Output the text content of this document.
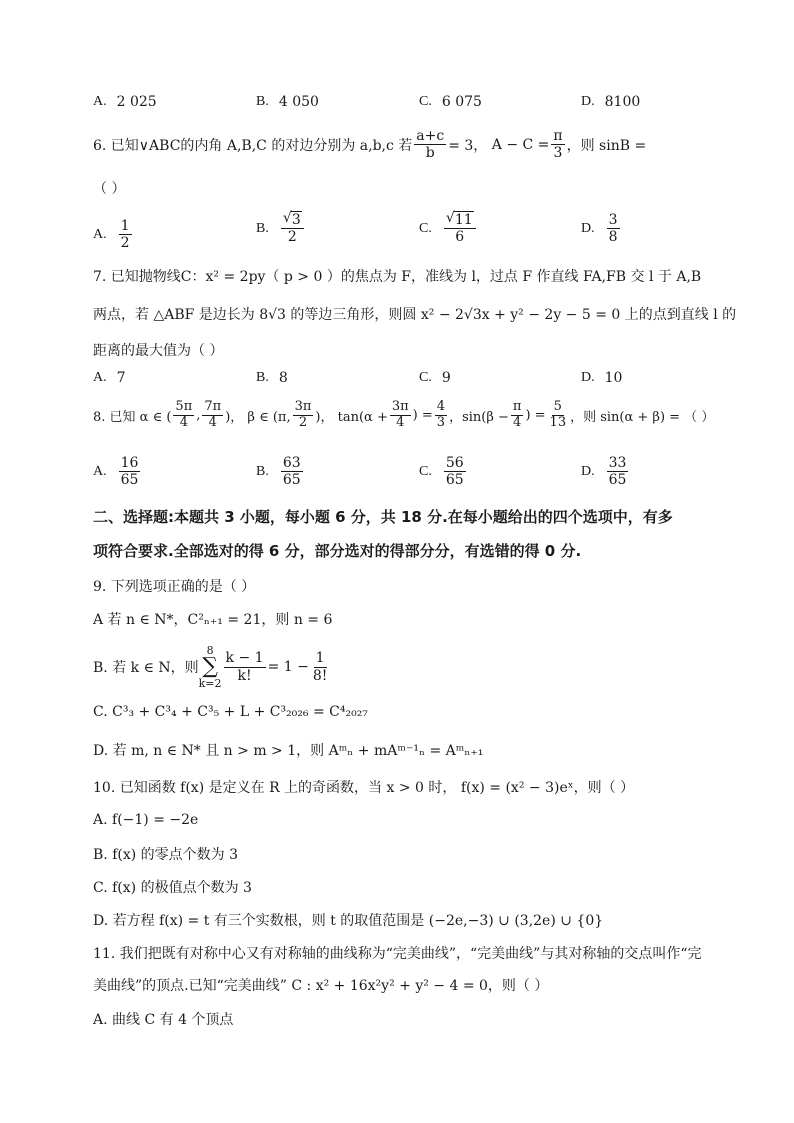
A. 2 025	B. 4 050	C. 6 075	D. 8100
6. 已知∨ABC的内角 A,B,C 的对边分别为 a,b,c 若 $\frac{a+c}{b} = 3$，
$A - C = \frac{\pi}{3}$ ，则 sinB =
（ ）
A. $\frac{1}{2}$	B. $\frac{√ 3}{2}$	C. $\frac{√ 11}{6}$	D. $\frac{3}{8}$
7. 已知抛物线C：x² = 2py（ p > 0 ）的焦点为 F，准线为 l，过点 F 作直线 FA,FB 交 l 于 A,B
两点，若 △ABF 是边长为 8√3 的等边三角形，则圆 x² − 2√3x + y² − 2y − 5 = 0 上的点到直线 l 的
距离的最大值为（ ）
A. 7	B. 8	C. 9	D. 10
8. 已知 α ∈ ( $\frac{5\pi}{4}$ , $\frac{7\pi}{4}$ )， β ∈ (π, $\frac{3\pi}{2}$ )， $\tan(\alpha + \frac{3\pi}{4}$ ) = $\frac{4}{3}$ ，$\sin(\beta - \frac{\pi}{4}$ ) = $\frac{5}{13}$ ，则 sin(α + β) = （ ）
A. $\frac{16}{65}$	B. $\frac{63}{65}$	C. $\frac{56}{65}$	D. $\frac{33}{65}$
二、选择题:本题共 3 小题，每小题 6 分，共 18 分.在每小题给出的四个选项中，有多
项符合要求.全部选对的得 6 分，部分选对的得部分分，有选错的得 0 分.
9. 下列选项正确的是（ ）
A 若 n ∈ N*，C²ₙ₊₁ = 21，则 n = 6
B. 若 k ∈ N，则
8
∑
$k=2 \frac{k - 1}{k!} = 1 - \frac{1}{8!}$
C. C³₃ + C³₄ + C³₅ + L + C³₂₀₂₆ = C⁴₂₀₂₇
D. 若 m, n ∈ N* 且 n > m > 1，则 Aᵐₙ + mAᵐ⁻¹ₙ = Aᵐₙ₊₁
10. 已知函数 f(x) 是定义在 R 上的奇函数，当 x > 0 时， f(x) = (x² − 3)eˣ，则（ ）
A. f(−1) = −2e
B. f(x) 的零点个数为 3
C. f(x) 的极值点个数为 3
D. 若方程 f(x) = t 有三个实数根，则 t 的取值范围是 (−2e,−3) ∪ (3,2e) ∪ {0}
11. 我们把既有对称中心又有对称轴的曲线称为“完美曲线”，“完美曲线”与其对称轴的交点叫作“完
美曲线”的顶点.已知“完美曲线” C : x² + 16x²y² + y² − 4 = 0，则（ ）
A. 曲线 C 有 4 个顶点
